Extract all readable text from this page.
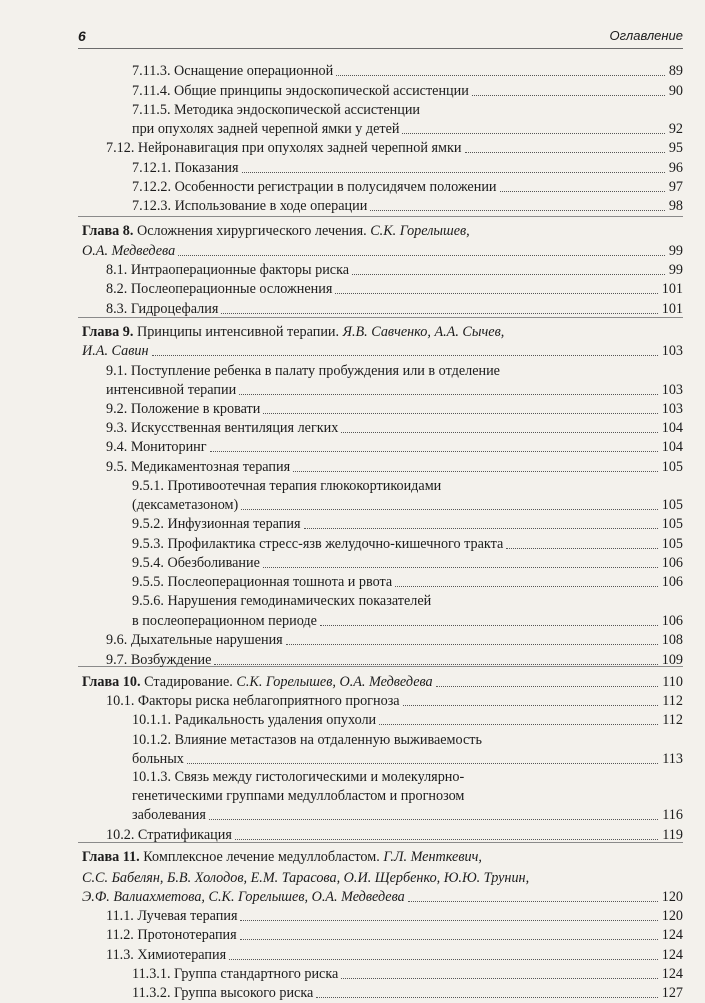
6	Оглавление
7.11.3. Оснащение операционной	89
7.11.4. Общие принципы эндоскопической ассистенции	90
7.11.5. Методика эндоскопической ассистенции
при опухолях задней черепной ямки у детей	92
7.12. Нейронавигация при опухолях задней черепной ямки	95
7.12.1. Показания	96
7.12.2. Особенности регистрации в полусидячем положении	97
7.12.3. Использование в ходе операции	98
Глава 8. Осложнения хирургического лечения. С.К. Горелышев,
О.А. Медведева	99
8.1. Интраоперационные факторы риска	99
8.2. Послеоперационные осложнения	101
8.3. Гидроцефалия	101
Глава 9. Принципы интенсивной терапии. Я.В. Савченко, А.А. Сычев,
И.А. Савин	103
9.1. Поступление ребенка в палату пробуждения или в отделение
интенсивной терапии	103
9.2. Положение в кровати	103
9.3. Искусственная вентиляция легких	104
9.4. Мониторинг	104
9.5. Медикаментозная терапия	105
9.5.1. Противоотечная терапия глюкокортикоидами
(дексаметазоном)	105
9.5.2. Инфузионная терапия	105
9.5.3. Профилактика стресс-язв желудочно-кишечного тракта	105
9.5.4. Обезболивание	106
9.5.5. Послеоперационная тошнота и рвота	106
9.5.6. Нарушения гемодинамических показателей
в послеоперационном периоде	106
9.6. Дыхательные нарушения	108
9.7. Возбуждение	109
Глава 10. Стадирование. С.К. Горелышев, О.А. Медведева	110
10.1. Факторы риска неблагоприятного прогноза	112
10.1.1. Радикальность удаления опухоли	112
10.1.2. Влияние метастазов на отдаленную выживаемость
больных	113
10.1.3. Связь между гистологическими и молекулярно-
генетическими группами медуллобластом и прогнозом
заболевания	116
10.2. Стратификация	119
Глава 11. Комплексное лечение медуллобластом. Г.Л. Менткевич,
С.С. Бабелян, Б.В. Холодов, Е.М. Тарасова, О.И. Щербенко, Ю.Ю. Трунин,
Э.Ф. Валиахметова, С.К. Горелышев, О.А. Медведева	120
11.1. Лучевая терапия	120
11.2. Протонотерапия	124
11.3. Химиотерапия	124
11.3.1. Группа стандартного риска	124
11.3.2. Группа высокого риска	127
